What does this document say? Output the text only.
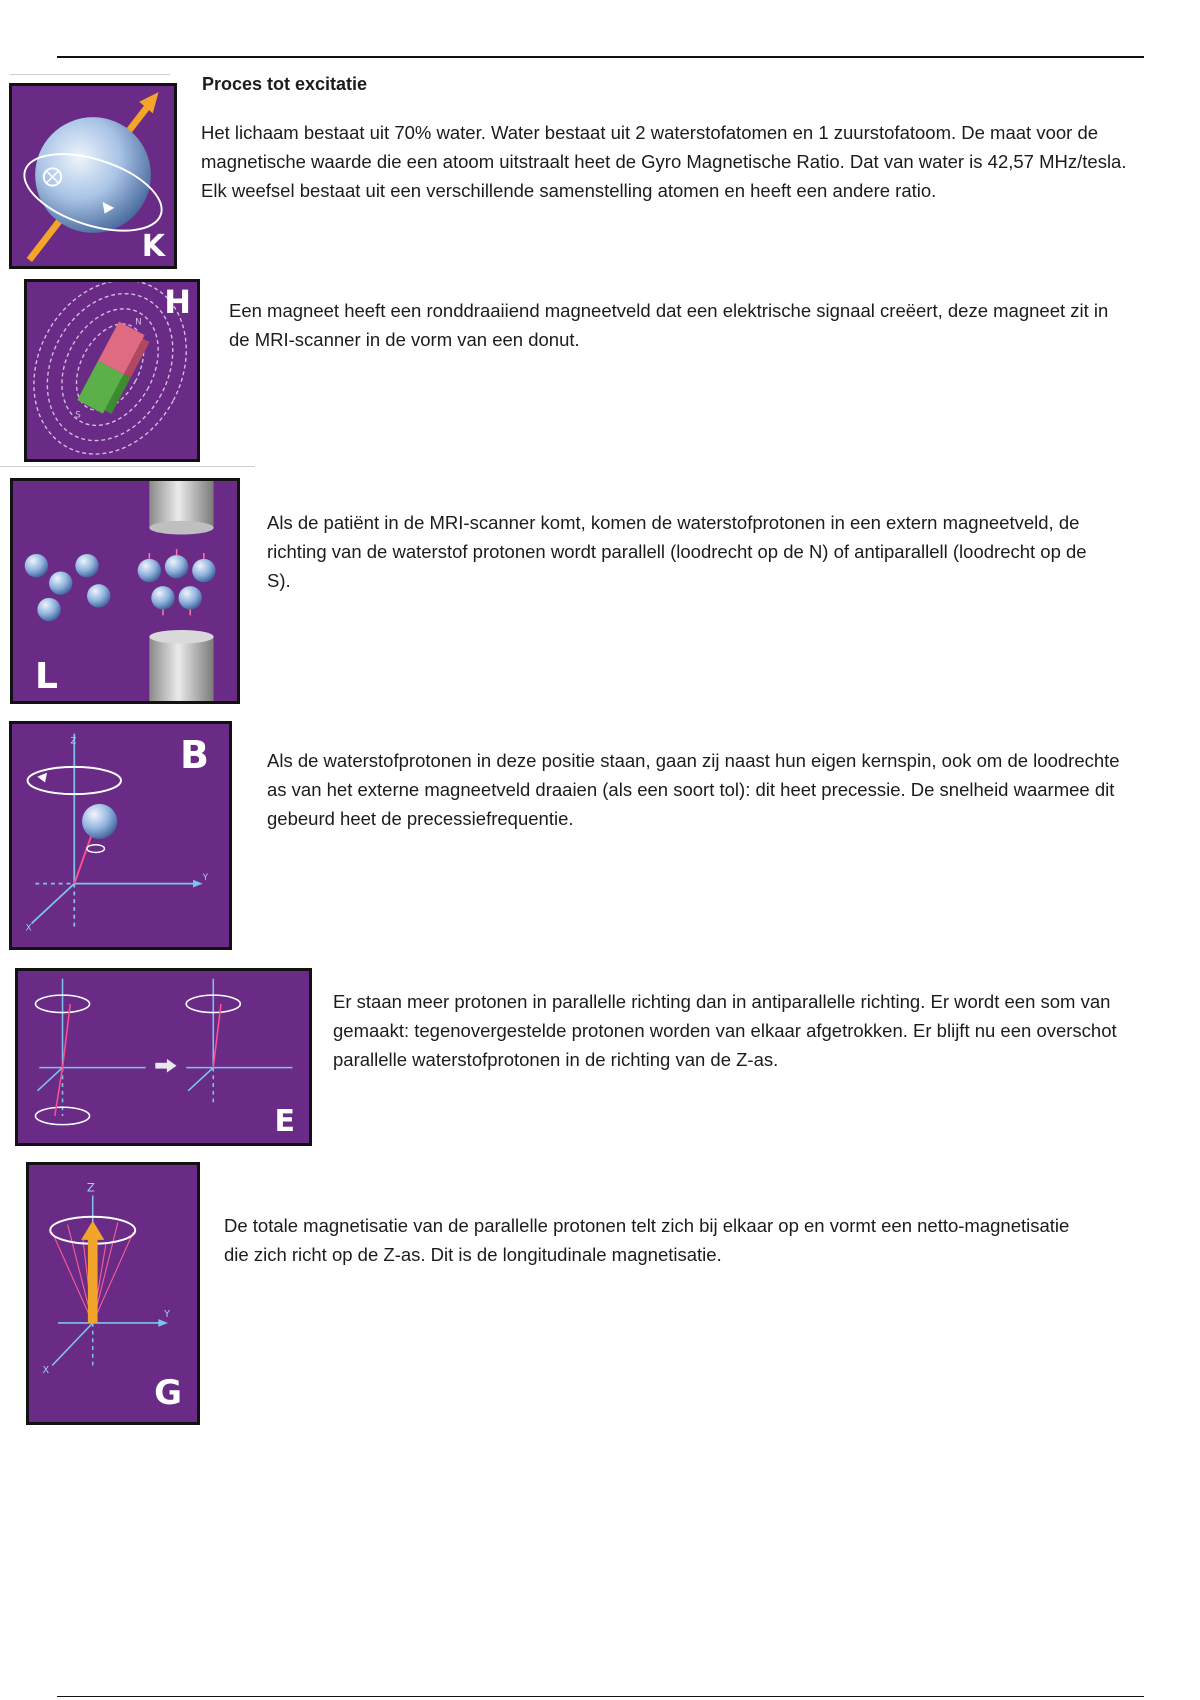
Proces tot excitatie
K

Het lichaam bestaat uit 70% water. Water bestaat uit 2 waterstofatomen en 1 zuurstofatoom. De maat voor de magnetische waarde die een atoom uitstraalt heet de Gyro Magnetische Ratio. Dat van water is 42,57 MHz/tesla. Elk weefsel bestaat uit een verschillende samenstelling atomen en heeft een andere ratio.

N
S
H Een magneet heeft een ronddraaiiend magneetveld dat een elektrische signaal creëert, deze magneet zit in de MRI-scanner in de vorm van een donut.

L

Als de patiënt in de MRI-scanner komt, komen de waterstofprotonen in een extern magneetveld, de richting van de waterstof protonen wordt parallell (loodrecht op de N) of antiparallell (loodrecht op de S).

Z
Y
X
B	Als de waterstofprotonen in deze positie staan, gaan zij naast hun eigen kernspin, ook om de loodrechte as van het externe magneetveld draaien (als een soort tol): dit heet precessie. De snelheid waarmee dit gebeurd heet de precessiefrequentie.

E

Er staan meer protonen in parallelle richting dan in antiparallelle richting. Er wordt een som van gemaakt: tegenovergestelde protonen worden van elkaar afgetrokken. Er blijft nu een overschot parallelle waterstofprotonen in de richting van de Z-as.

Z
Y
X
G

De totale magnetisatie van de parallelle protonen telt zich bij elkaar op en vormt een netto-magnetisatie die zich richt op de Z-as. Dit is de longitudinale magnetisatie.
